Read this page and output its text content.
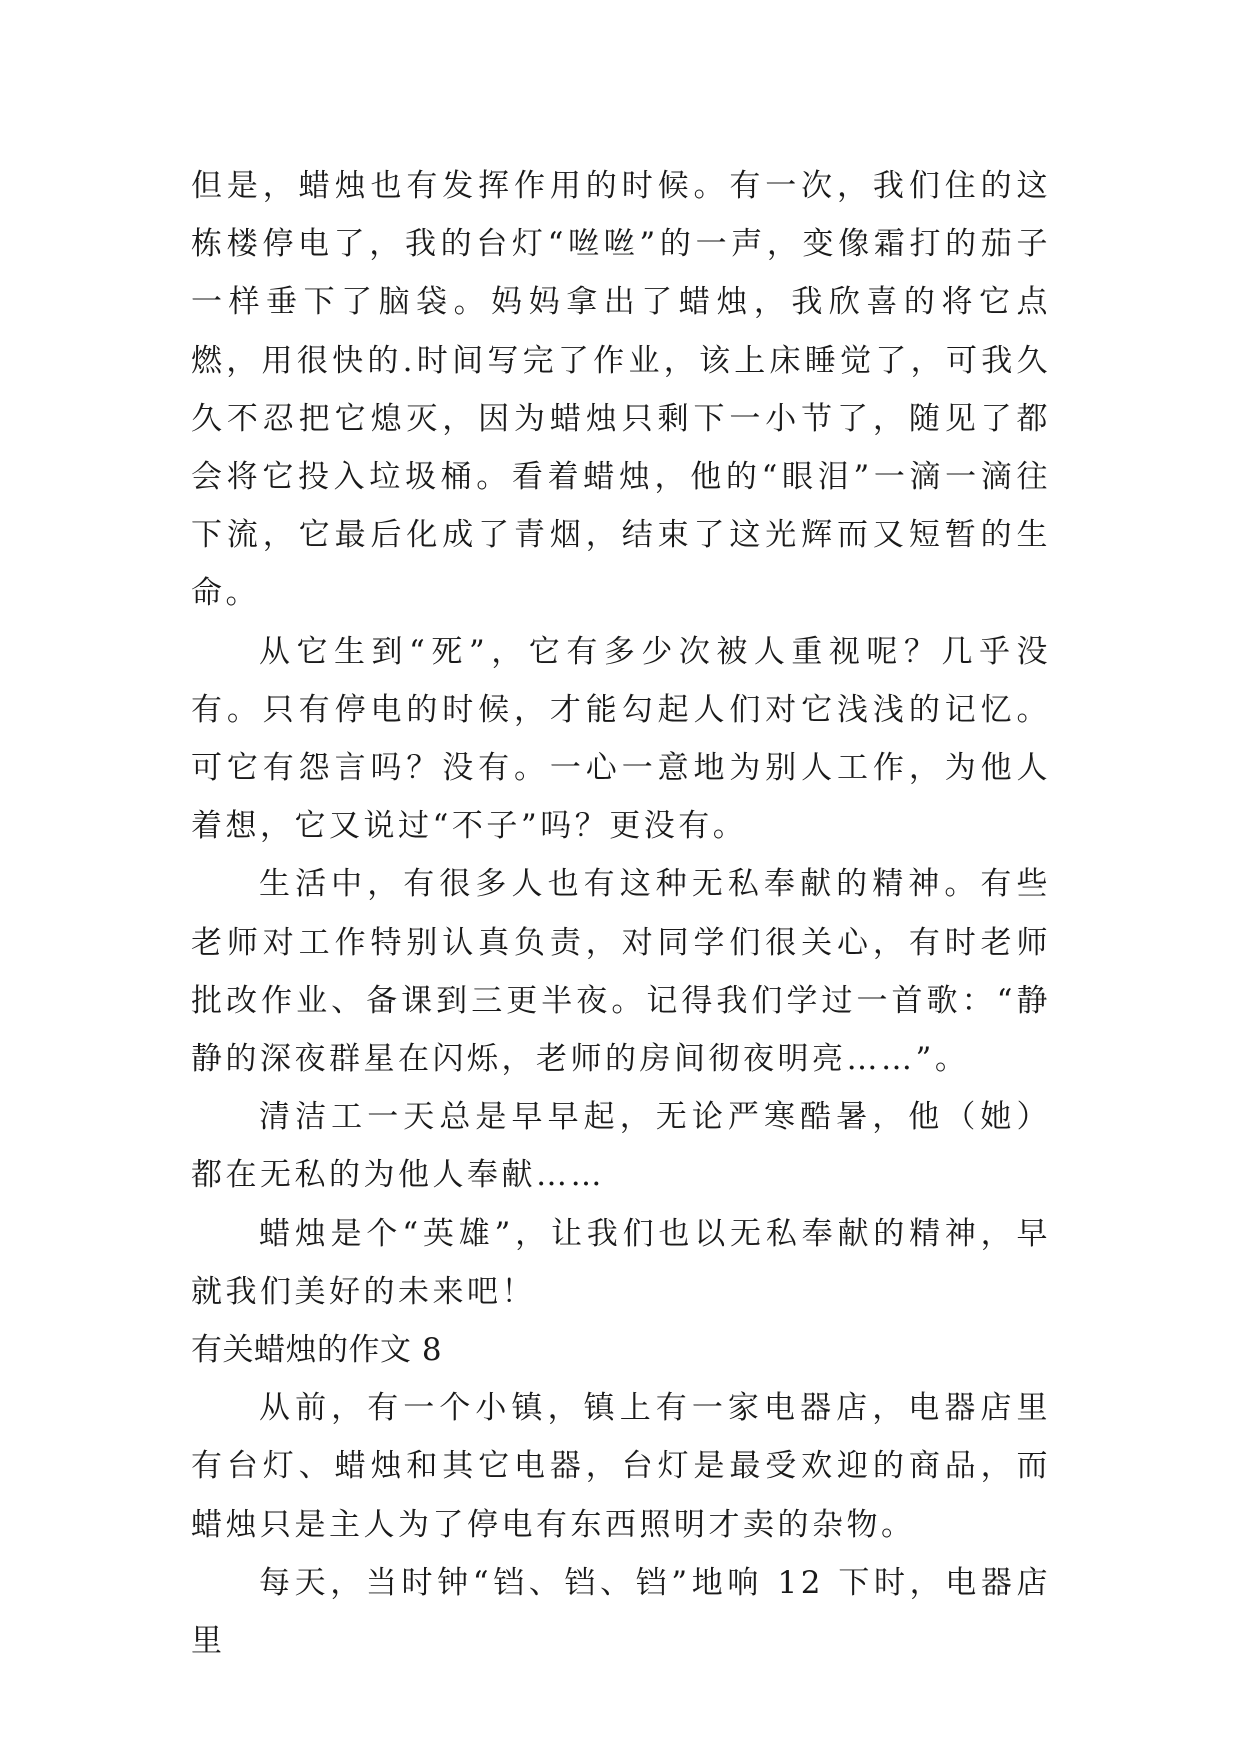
但是，蜡烛也有发挥作用的时候。有一次，我们住的这栋楼停电了，我的台灯“咝咝”的一声，变像霜打的茄子一样垂下了脑袋。妈妈拿出了蜡烛，我欣喜的将它点燃，用很快的.时间写完了作业，该上床睡觉了，可我久久不忍把它熄灭，因为蜡烛只剩下一小节了，随见了都会将它投入垃圾桶。看着蜡烛，他的“眼泪”一滴一滴往下流，它最后化成了青烟，结束了这光辉而又短暂的生命。

从它生到“死”，它有多少次被人重视呢？几乎没有。只有停电的时候，才能勾起人们对它浅浅的记忆。可它有怨言吗？没有。一心一意地为别人工作，为他人着想，它又说过“不子”吗？更没有。

生活中，有很多人也有这种无私奉献的精神。有些老师对工作特别认真负责，对同学们很关心，有时老师批改作业、备课到三更半夜。记得我们学过一首歌：“静静的深夜群星在闪烁，老师的房间彻夜明亮……”。

清洁工一天总是早早起，无论严寒酷暑，他（她）都在无私的为他人奉献……

蜡烛是个“英雄”，让我们也以无私奉献的精神，早就我们美好的未来吧！

有关蜡烛的作文 8

从前，有一个小镇，镇上有一家电器店，电器店里有台灯、蜡烛和其它电器，台灯是最受欢迎的商品，而蜡烛只是主人为了停电有东西照明才卖的杂物。

每天，当时钟“铛、铛、铛”地响 12 下时，电器店里
